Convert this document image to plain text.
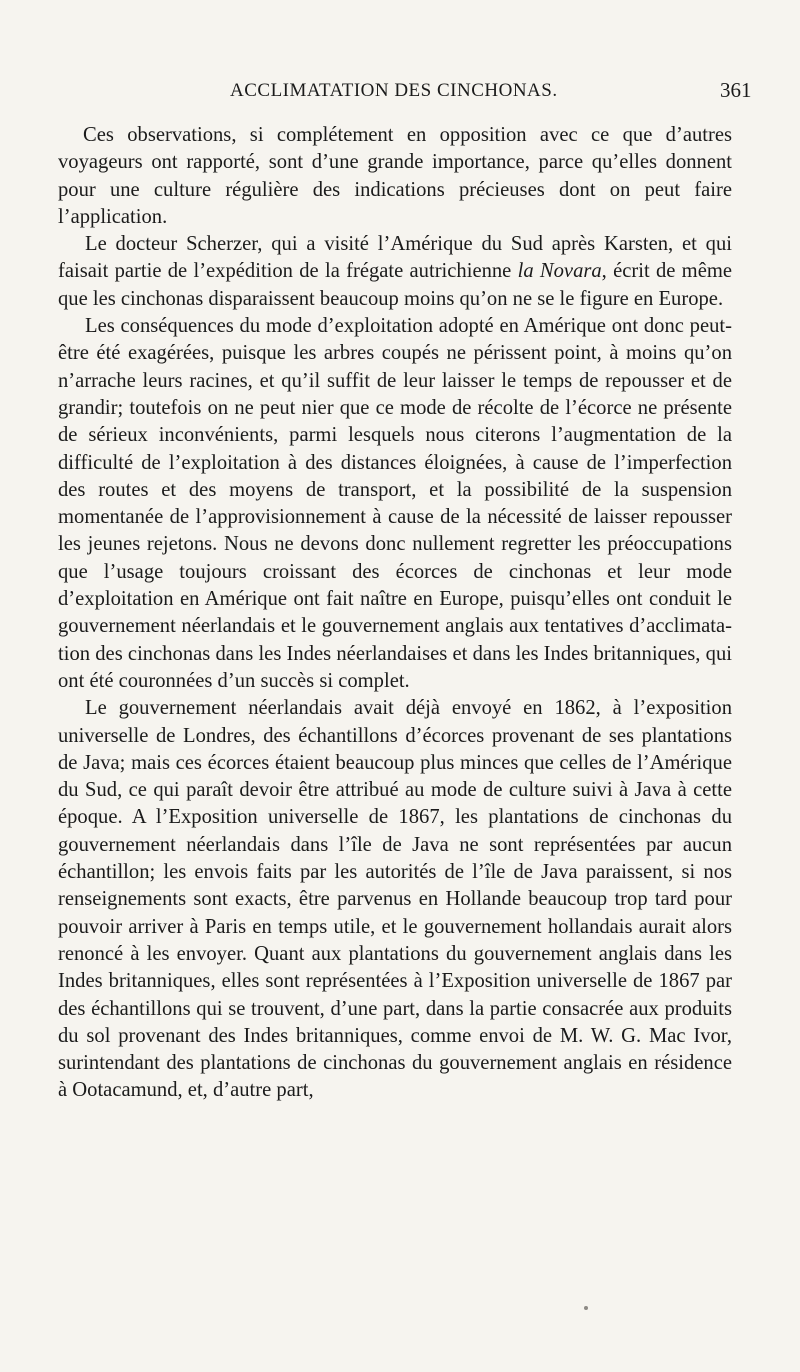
ACCLIMATATION DES CINCHONAS.	361

Ces observations, si complétement en opposition avec ce que d’autres voyageurs ont rapporté, sont d’une grande importance, parce qu’elles donnent pour une culture régulière des indications précieuses dont on peut faire l’application.

Le docteur Scherzer, qui a visité l’Amérique du Sud après Karsten, et qui faisait partie de l’expédition de la frégate autrichienne la Novara, écrit de même que les cinchonas disparaissent beaucoup moins qu’on ne se le figure en Europe.

Les conséquences du mode d’exploitation adopté en Amérique ont donc peut-être été exagérées, puisque les arbres coupés ne périssent point, à moins qu’on n’arrache leurs racines, et qu’il suffit de leur laisser le temps de repousser et de grandir; toutefois on ne peut nier que ce mode de récolte de l’écorce ne présente de sérieux inconvénients, parmi lesquels nous citerons l’augmentation de la difficulté de l’exploitation à des distances éloignées, à cause de l’imperfection des routes et des moyens de transport, et la possibilité de la suspension momentanée de l’approvisionnement à cause de la nécessité de laisser repousser les jeunes rejetons. Nous ne devons donc nullement regretter les préoccupations que l’usage toujours croissant des écorces de cinchonas et leur mode d’exploitation en Amérique ont fait naître en Europe, puisqu’elles ont conduit le gouvernement néerlandais et le gouvernement anglais aux tentatives d’acclimatation des cinchonas dans les Indes néerlandaises et dans les Indes britanniques, qui ont été couronnées d’un succès si complet.

Le gouvernement néerlandais avait déjà envoyé en 1862, à l’exposition universelle de Londres, des échantillons d’écorces provenant de ses plantations de Java; mais ces écorces étaient beaucoup plus minces que celles de l’Amérique du Sud, ce qui paraît devoir être attribué au mode de culture suivi à Java à cette époque. A l’Exposition universelle de 1867, les plantations de cinchonas du gouvernement néerlandais dans l’île de Java ne sont représentées par aucun échantillon; les envois faits par les autorités de l’île de Java paraissent, si nos renseignements sont exacts, être parvenus en Hollande beaucoup trop tard pour pouvoir arriver à Paris en temps utile, et le gouvernement hollandais aurait alors renoncé à les envoyer. Quant aux plantations du gouvernement anglais dans les Indes britanniques, elles sont représentées à l’Exposition universelle de 1867 par des échantillons qui se trouvent, d’une part, dans la partie consacrée aux produits du sol provenant des Indes britanniques, comme envoi de M. W. G. Mac Ivor, surintendant des plantations de cinchonas du gouvernement anglais en résidence à Ootacamund, et, d’autre part,
